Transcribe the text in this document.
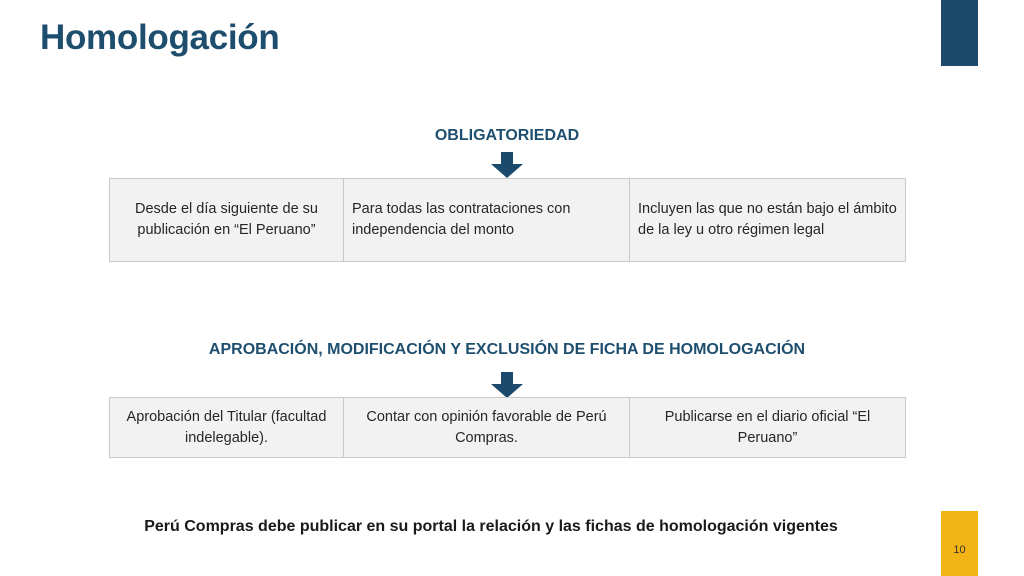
Homologación
OBLIGATORIEDAD
Desde el día siguiente de su publicación en “El Peruano”
Para todas las contrataciones con independencia del monto
Incluyen las que no están bajo el ámbito de la ley u otro régimen legal
APROBACIÓN, MODIFICACIÓN Y EXCLUSIÓN DE FICHA DE HOMOLOGACIÓN
Aprobación del Titular (facultad indelegable).
Contar con opinión favorable de Perú Compras.
Publicarse en el diario oficial “El Peruano”
Perú Compras debe publicar en su portal la relación y las fichas de homologación vigentes
10
